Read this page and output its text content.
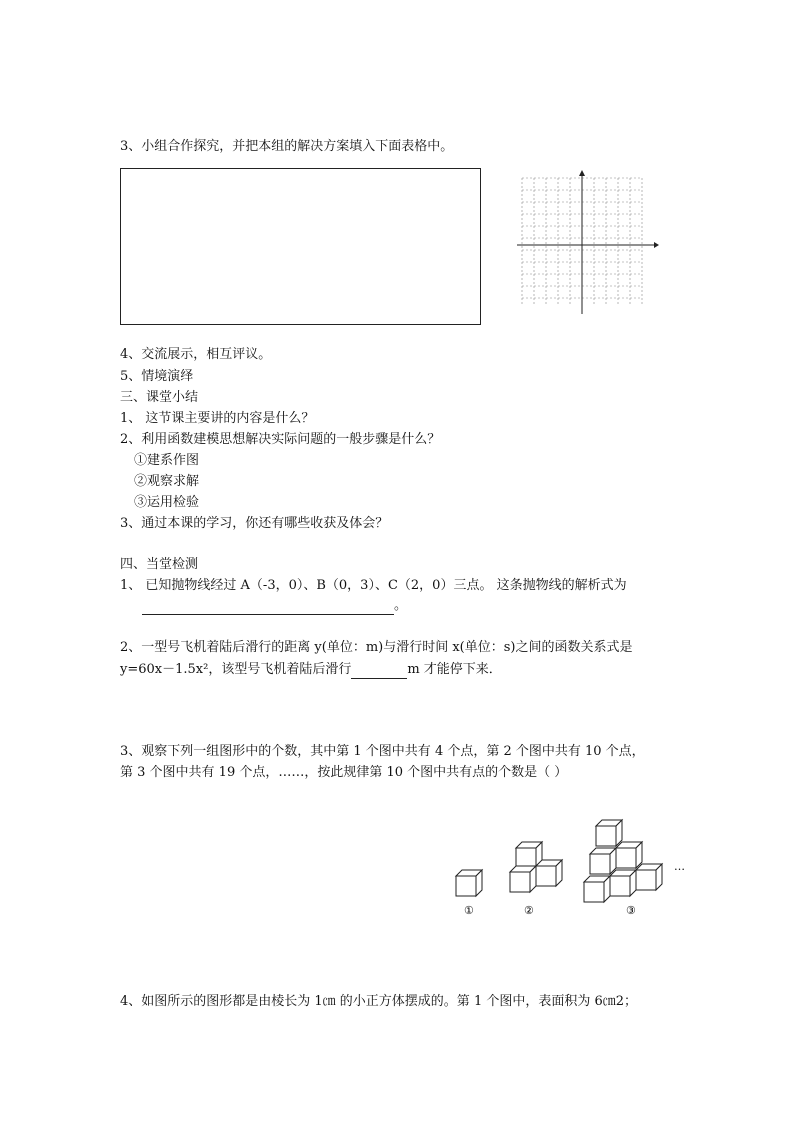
3、小组合作探究，并把本组的解决方案填入下面表格中。
4、交流展示，相互评议。
5、情境演绎
三、课堂小结
1、 这节课主要讲的内容是什么？
2、利用函数建模思想解决实际问题的一般步骤是什么？
①建系作图
②观察求解
③运用检验
3、通过本课的学习，你还有哪些收获及体会？
四、当堂检测
1、 已知抛物线经过 A（-3，0）、B（0，3）、C（2，0）三点。 这条抛物线的解析式为
。
2、一型号飞机着陆后滑行的距离 y(单位：m)与滑行时间 x(单位：s)之间的函数关系式是
y=60x－1.5x²，该型号飞机着陆后滑行	m 才能停下来．
3、观察下列一组图形中的个数，其中第 1 个图中共有 4 个点，第 2 个图中共有 10 个点，
第 3 个图中共有 19 个点，……，按此规律第 10 个图中共有点的个数是（ ）
①	②	③
…
4、如图所示的图形都是由棱长为 1㎝ 的小正方体摆成的。第 1 个图中，表面积为 6㎝2；
